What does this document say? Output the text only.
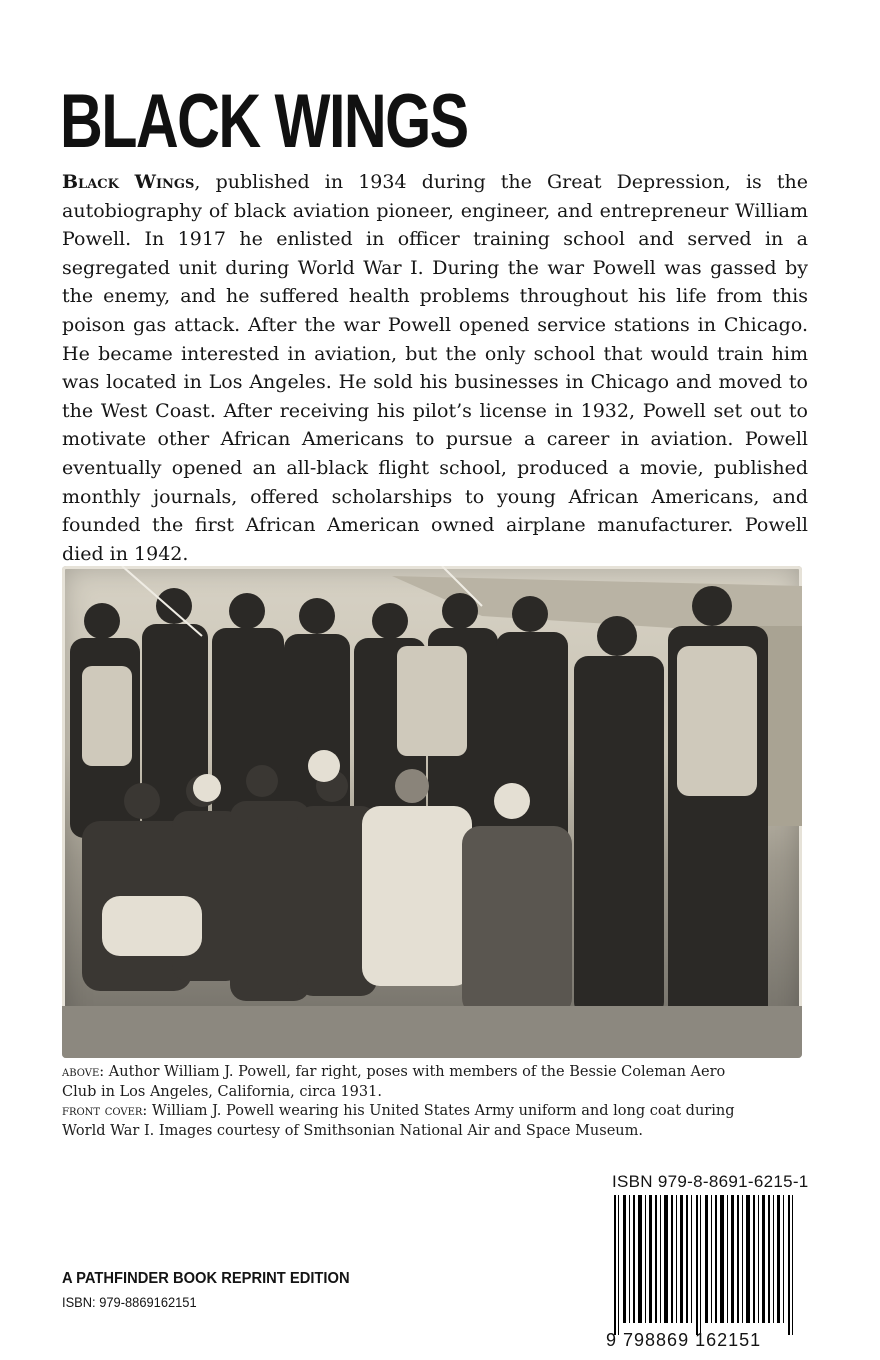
BLACK WINGS

Black Wings, published in 1934 during the Great Depression, is the autobiography of black aviation pioneer, engineer, and entrepreneur William Powell. In 1917 he enlisted in officer training school and served in a segregated unit during World War I. During the war Powell was gassed by the enemy, and he suffered health problems throughout his life from this poison gas attack. After the war Powell opened service stations in Chicago. He became interested in aviation, but the only school that would train him was located in Los Angeles. He sold his businesses in Chicago and moved to the West Coast. After receiving his pilot’s license in 1932, Powell set out to motivate other African Americans to pursue a career in aviation. Powell eventually opened an all-black flight school, produced a movie, published monthly journals, offered scholarships to young African Americans, and founded the first African American owned airplane manufacturer. Powell died in 1942.

above: Author William J. Powell, far right, poses with members of the Bessie Coleman Aero Club in Los Angeles, California, circa 1931.

front cover: William J. Powell wearing his United States Army uniform and long coat during World War I. Images courtesy of Smithsonian National Air and Space Museum.

ISBN 979-8-8691-6215-1
9 798869 162151
A PATHFINDER BOOK REPRINT EDITION
ISBN: 979-8869162151
